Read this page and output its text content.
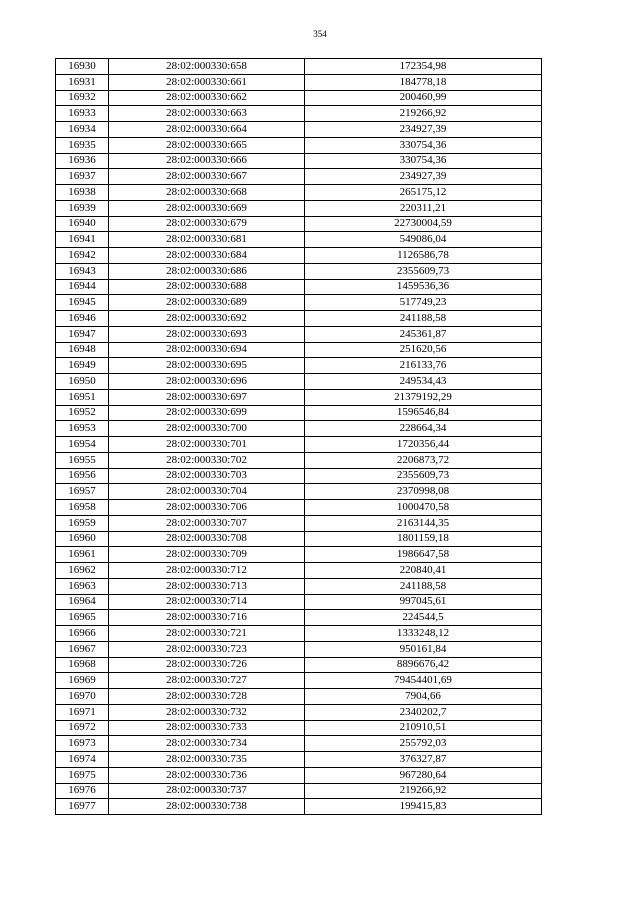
354
16930	28:02:000330:658	172354,98
16931	28:02:000330:661	184778,18
16932	28:02:000330:662	200460,99
16933	28:02:000330:663	219266,92
16934	28:02:000330:664	234927,39
16935	28:02:000330:665	330754,36
16936	28:02:000330:666	330754,36
16937	28:02:000330:667	234927,39
16938	28:02:000330:668	265175,12
16939	28:02:000330:669	220311,21
16940	28:02:000330:679	22730004,59
16941	28:02:000330:681	549086,04
16942	28:02:000330:684	1126586,78
16943	28:02:000330:686	2355609,73
16944	28:02:000330:688	1459536,36
16945	28:02:000330:689	517749,23
16946	28:02:000330:692	241188,58
16947	28:02:000330:693	245361,87
16948	28:02:000330:694	251620,56
16949	28:02:000330:695	216133,76
16950	28:02:000330:696	249534,43
16951	28:02:000330:697	21379192,29
16952	28:02:000330:699	1596546,84
16953	28:02:000330:700	228664,34
16954	28:02:000330:701	1720356,44
16955	28:02:000330:702	2206873,72
16956	28:02:000330:703	2355609,73
16957	28:02:000330:704	2370998,08
16958	28:02:000330:706	1000470,58
16959	28:02:000330:707	2163144,35
16960	28:02:000330:708	1801159,18
16961	28:02:000330:709	1986647,58
16962	28:02:000330:712	220840,41
16963	28:02:000330:713	241188,58
16964	28:02:000330:714	997045,61
16965	28:02:000330:716	224544,5
16966	28:02:000330:721	1333248,12
16967	28:02:000330:723	950161,84
16968	28:02:000330:726	8896676,42
16969	28:02:000330:727	79454401,69
16970	28:02:000330:728	7904,66
16971	28:02:000330:732	2340202,7
16972	28:02:000330:733	210910,51
16973	28:02:000330:734	255792,03
16974	28:02:000330:735	376327,87
16975	28:02:000330:736	967280,64
16976	28:02:000330:737	219266,92
16977	28:02:000330:738	199415,83
